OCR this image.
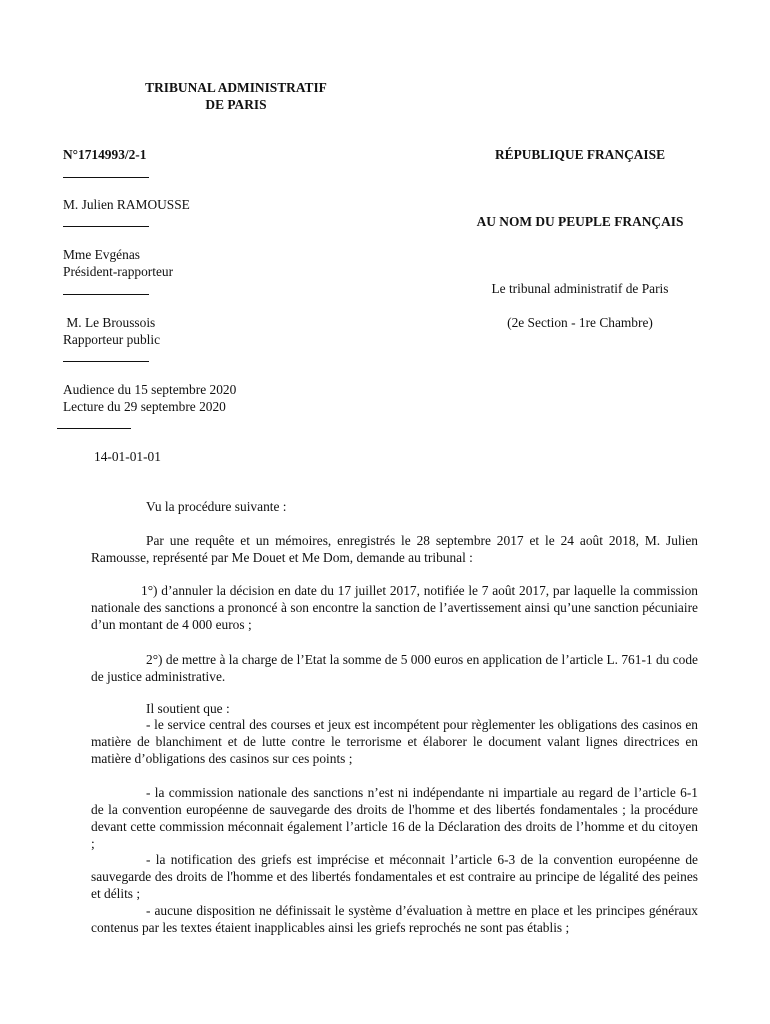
TRIBUNAL ADMINISTRATIF
DE PARIS
N°1714993/2-1
M. Julien RAMOUSSE
Mme Evgénas
Président-rapporteur
M. Le Broussois
Rapporteur public
Audience du 15 septembre 2020
Lecture du 29 septembre 2020
14-01-01-01
RÉPUBLIQUE FRANÇAISE
AU NOM DU PEUPLE FRANÇAIS
Le tribunal administratif de Paris
(2e Section - 1re Chambre)

Vu la procédure suivante :

Par une requête et un mémoires, enregistrés le 28 septembre 2017 et le 24 août 2018, M. Julien Ramousse, représenté par Me Douet et Me Dom, demande au tribunal :

1°) d’annuler la décision en date du 17 juillet 2017, notifiée le 7 août 2017, par laquelle la commission nationale des sanctions a prononcé à son encontre la sanction de l’avertissement ainsi qu’une sanction pécuniaire d’un montant de 4 000 euros ;

2°) de mettre à la charge de l’Etat la somme de 5 000 euros en application de l’article L. 761-1 du code de justice administrative.

Il soutient que :

- le service central des courses et jeux est incompétent pour règlementer les obligations des casinos en matière de blanchiment et de lutte contre le terrorisme et élaborer le document valant lignes directrices en matière d’obligations des casinos sur ces points ;

- la commission nationale des sanctions n’est ni indépendante ni impartiale au regard de l’article 6-1 de la convention européenne de sauvegarde des droits de l'homme et des libertés fondamentales ; la procédure devant cette commission méconnait également l’article 16 de la Déclaration des droits de l’homme et du citoyen ;

- la notification des griefs est imprécise et méconnait l’article 6-3 de la convention européenne de sauvegarde des droits de l'homme et des libertés fondamentales et est contraire au principe de légalité des peines et délits ;

- aucune disposition ne définissait le système d’évaluation à mettre en place et les principes généraux contenus par les textes étaient inapplicables ainsi les griefs reprochés ne sont pas établis ;
